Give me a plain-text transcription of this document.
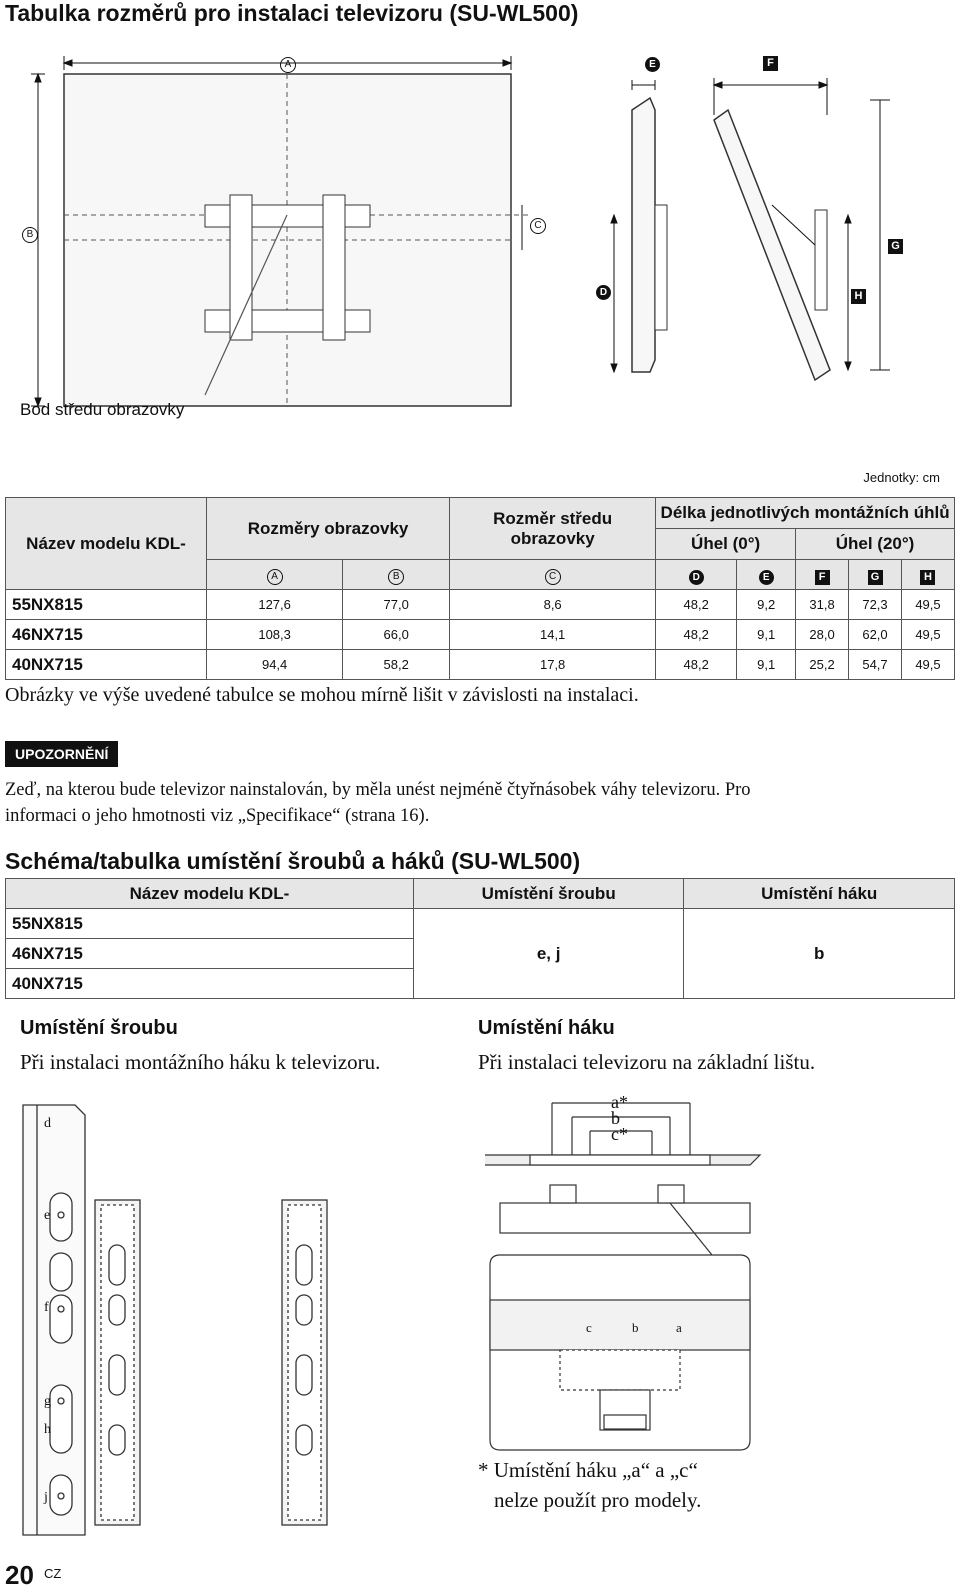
Tabulka rozměrů pro instalaci televizoru (SU-WL500)
A
B
C
D
E	F
G
H
Bod středu obrazovky
Jednotky: cm
Název modelu KDL-	Rozměry obrazovky		Rozměr středu obrazovky	Délka jednotlivých montážních úhlů				
				Úhel (0°)		Úhel (20°)		
	A	B	C	D	E	F	G	H
55NX815	127,6	77,0	8,6	48,2	9,2	31,8	72,3	49,5
46NX715	108,3	66,0	14,1	48,2	9,1	28,0	62,0	49,5
40NX715	94,4	58,2	17,8	48,2	9,1	25,2	54,7	49,5
Obrázky ve výše uvedené tabulce se mohou mírně lišit v závislosti na instalaci.
UPOZORNĚNÍ
Zeď, na kterou bude televizor nainstalován, by měla unést nejméně čtyřnásobek váhy televizoru. Pro
informaci o jeho hmotnosti viz „Specifikace“ (strana 16).
Schéma/tabulka umístění šroubů a háků (SU-WL500)
Název modelu KDL-	Umístění šroubu	Umístění háku
55NX815	e, j	b
46NX715		
40NX715		
Umístění šroubu
Při instalaci montážního háku k televizoru.
d
e
f
g
h
j
Umístění háku
Při instalaci televizoru na základní lištu.
a*
b
c*
c	b	a
* Umístění háku „a“ a „c“
nelze použít pro modely.
20 CZ
